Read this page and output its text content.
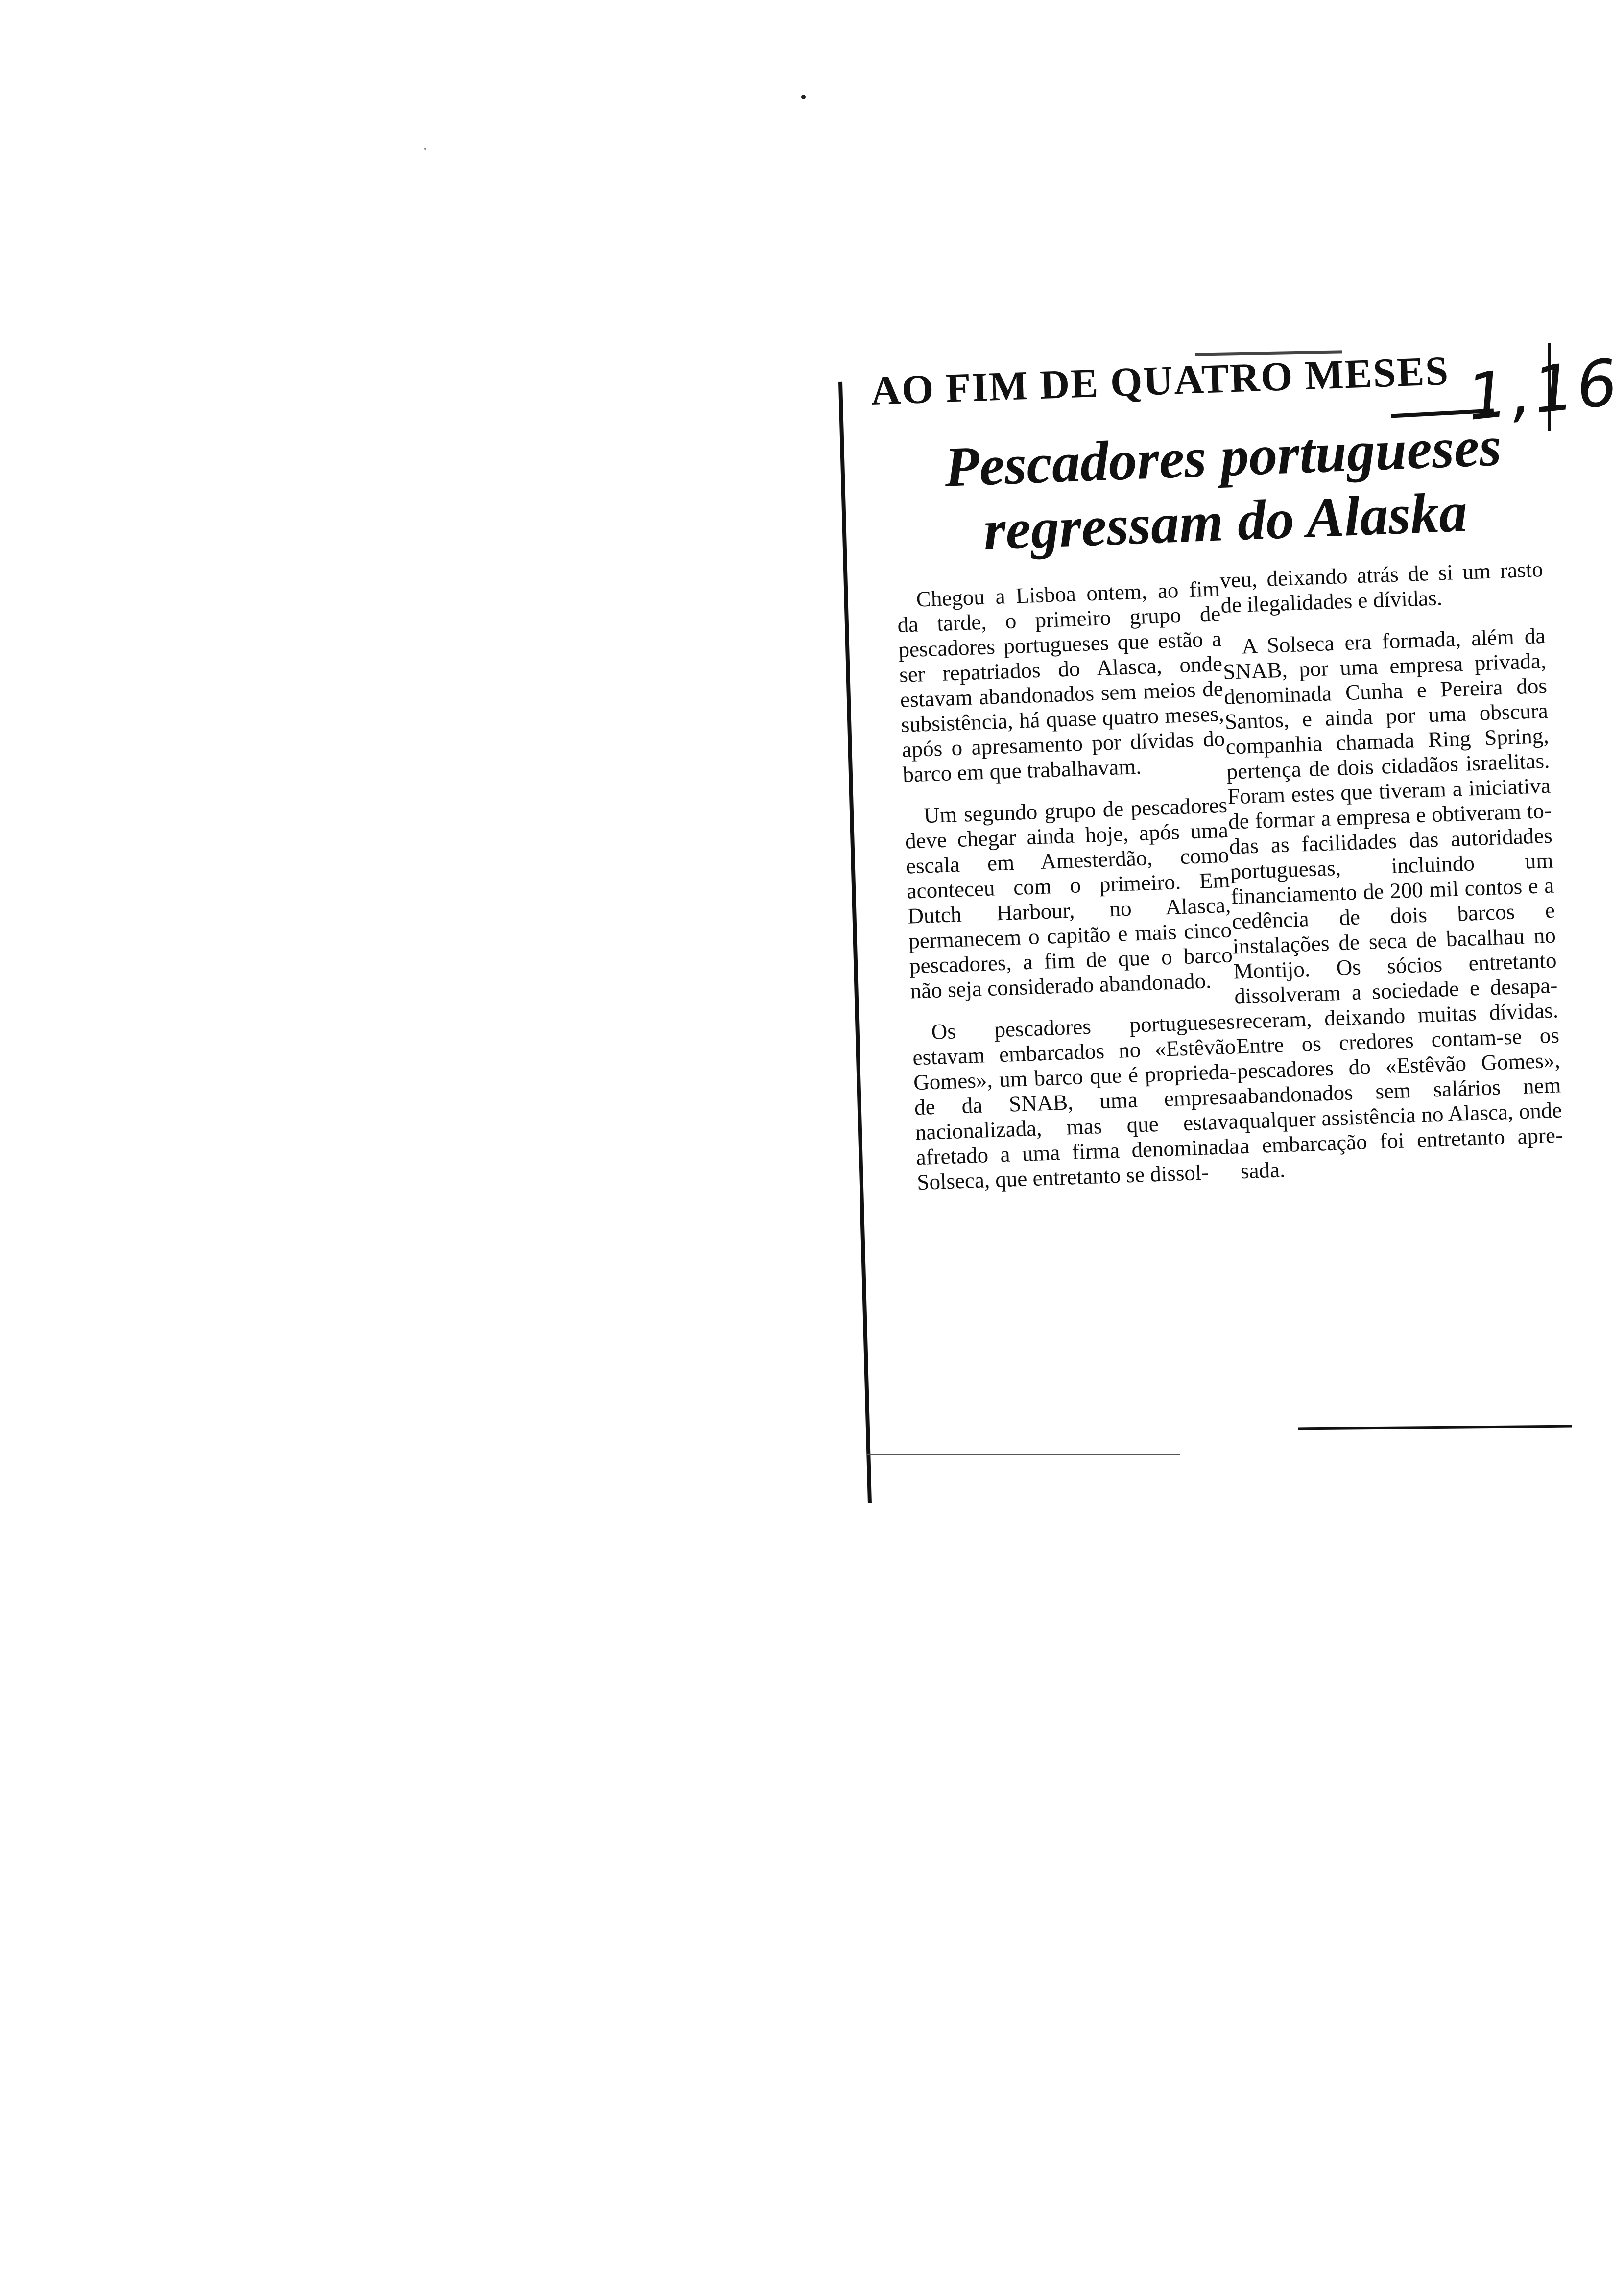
AO FIM DE QUATRO MESES 1,16
Pescadores portugueses regressam do Alaska

Chegou a Lisboa ontem, ao fim da tarde, o primeiro grupo de pescadores portugueses que estão a ser repatriados do Alasca, onde estavam abandonados sem meios de subsistência, há quase quatro meses, após o apresamento por dívidas do barco em que trabalhavam.

Um segundo grupo de pescadores deve chegar ainda hoje, após uma escala em Amesterdão, como aconteceu com o primeiro. Em Dutch Harbour, no Alasca, permanecem o capitão e mais cinco pescadores, a fim de que o barco não seja considerado abandonado.

Os pescadores portugueses estavam embarcados no «Estêvão Gomes», um barco que é propriedade da SNAB, uma empresa nacionalizada, mas que estava afretado a uma firma denominada Solseca, que entretanto se dissol-

veu, deixando atrás de si um rasto de ilegalidades e dívidas.

A Solseca era formada, além da SNAB, por uma empresa privada, denominada Cunha e Pereira dos Santos, e ainda por uma obscura companhia chamada Ring Spring, pertença de dois cidadãos israelitas. Foram estes que tiveram a iniciativa de formar a empresa e obtiveram todas as facilidades das autoridades portuguesas, incluindo um financiamento de 200 mil contos e a cedência de dois barcos e instalações de seca de bacalhau no Montijo. Os sócios entretanto dissolveram a sociedade e desapareceram, deixando muitas dívidas. Entre os credores contam-se os pescadores do «Estêvão Gomes», abandonados sem salários nem qualquer assistência no Alasca, onde a embarcação foi entretanto apresada.
